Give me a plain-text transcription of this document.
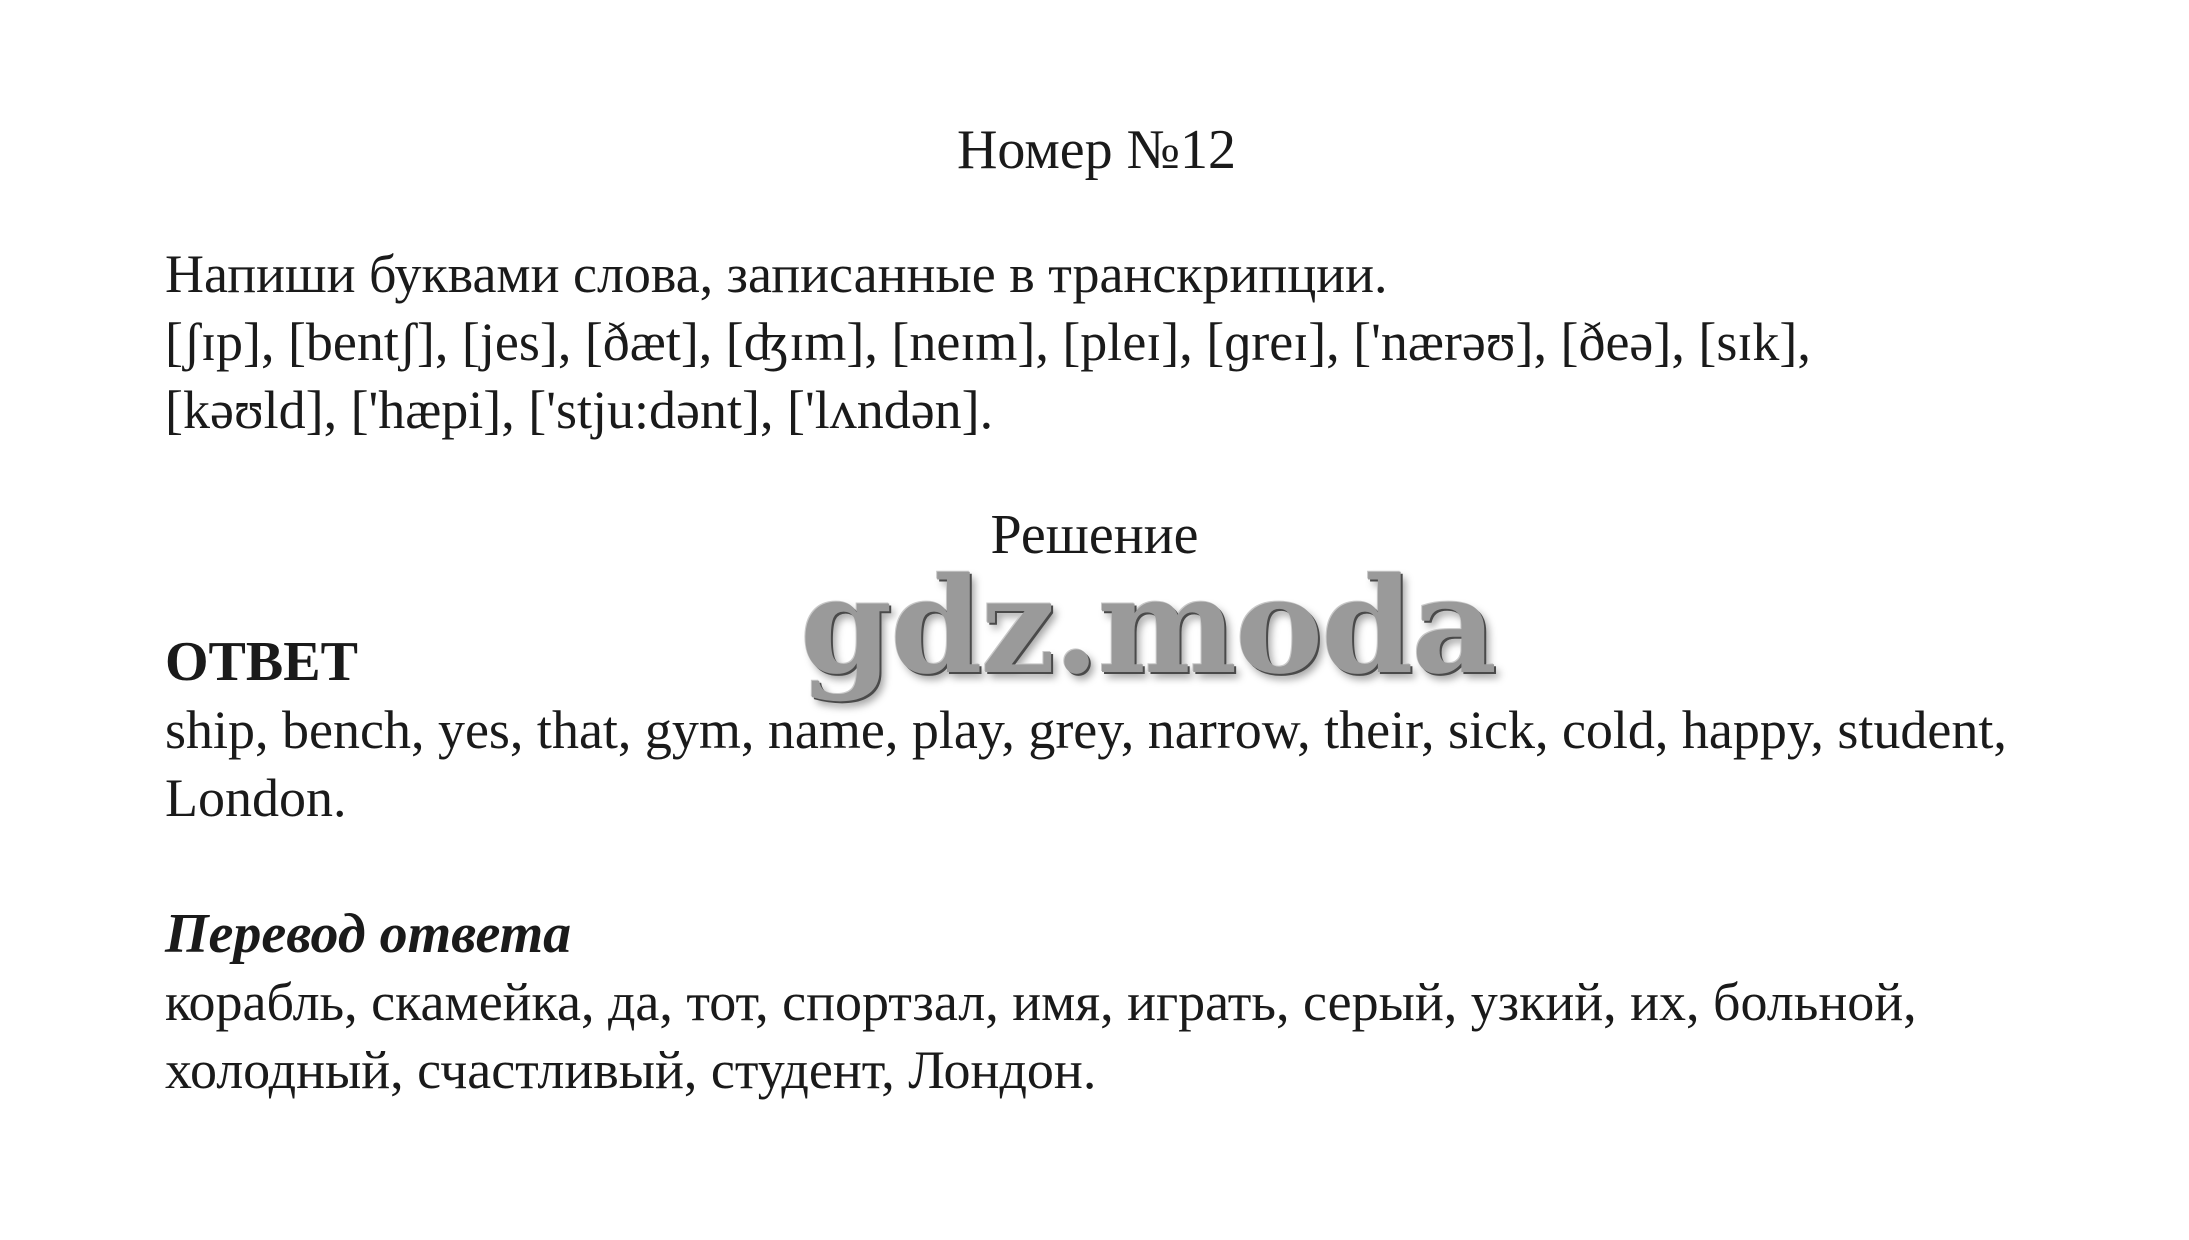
Номер №12

Напиши буквами слова, записанные в транскрипции.

[ʃɪp], [bentʃ], [jes], [ðæt], [ʤɪm], [neɪm], [pleɪ], [ɡreɪ], ['nærəʊ], [ðeə], [sɪk],

[kəʊld], ['hæpi], ['stju:dənt], ['lʌndən].

Решение
gdz.moda

ОТВЕТ

ship, bench, yes, that, gym, name, play, grey, narrow, their, sick, cold, happy, student, London.

Перевод ответа

корабль, скамейка, да, тот, спортзал, имя, играть, серый, узкий, их, больной, холодный, счастливый, студент, Лондон.
